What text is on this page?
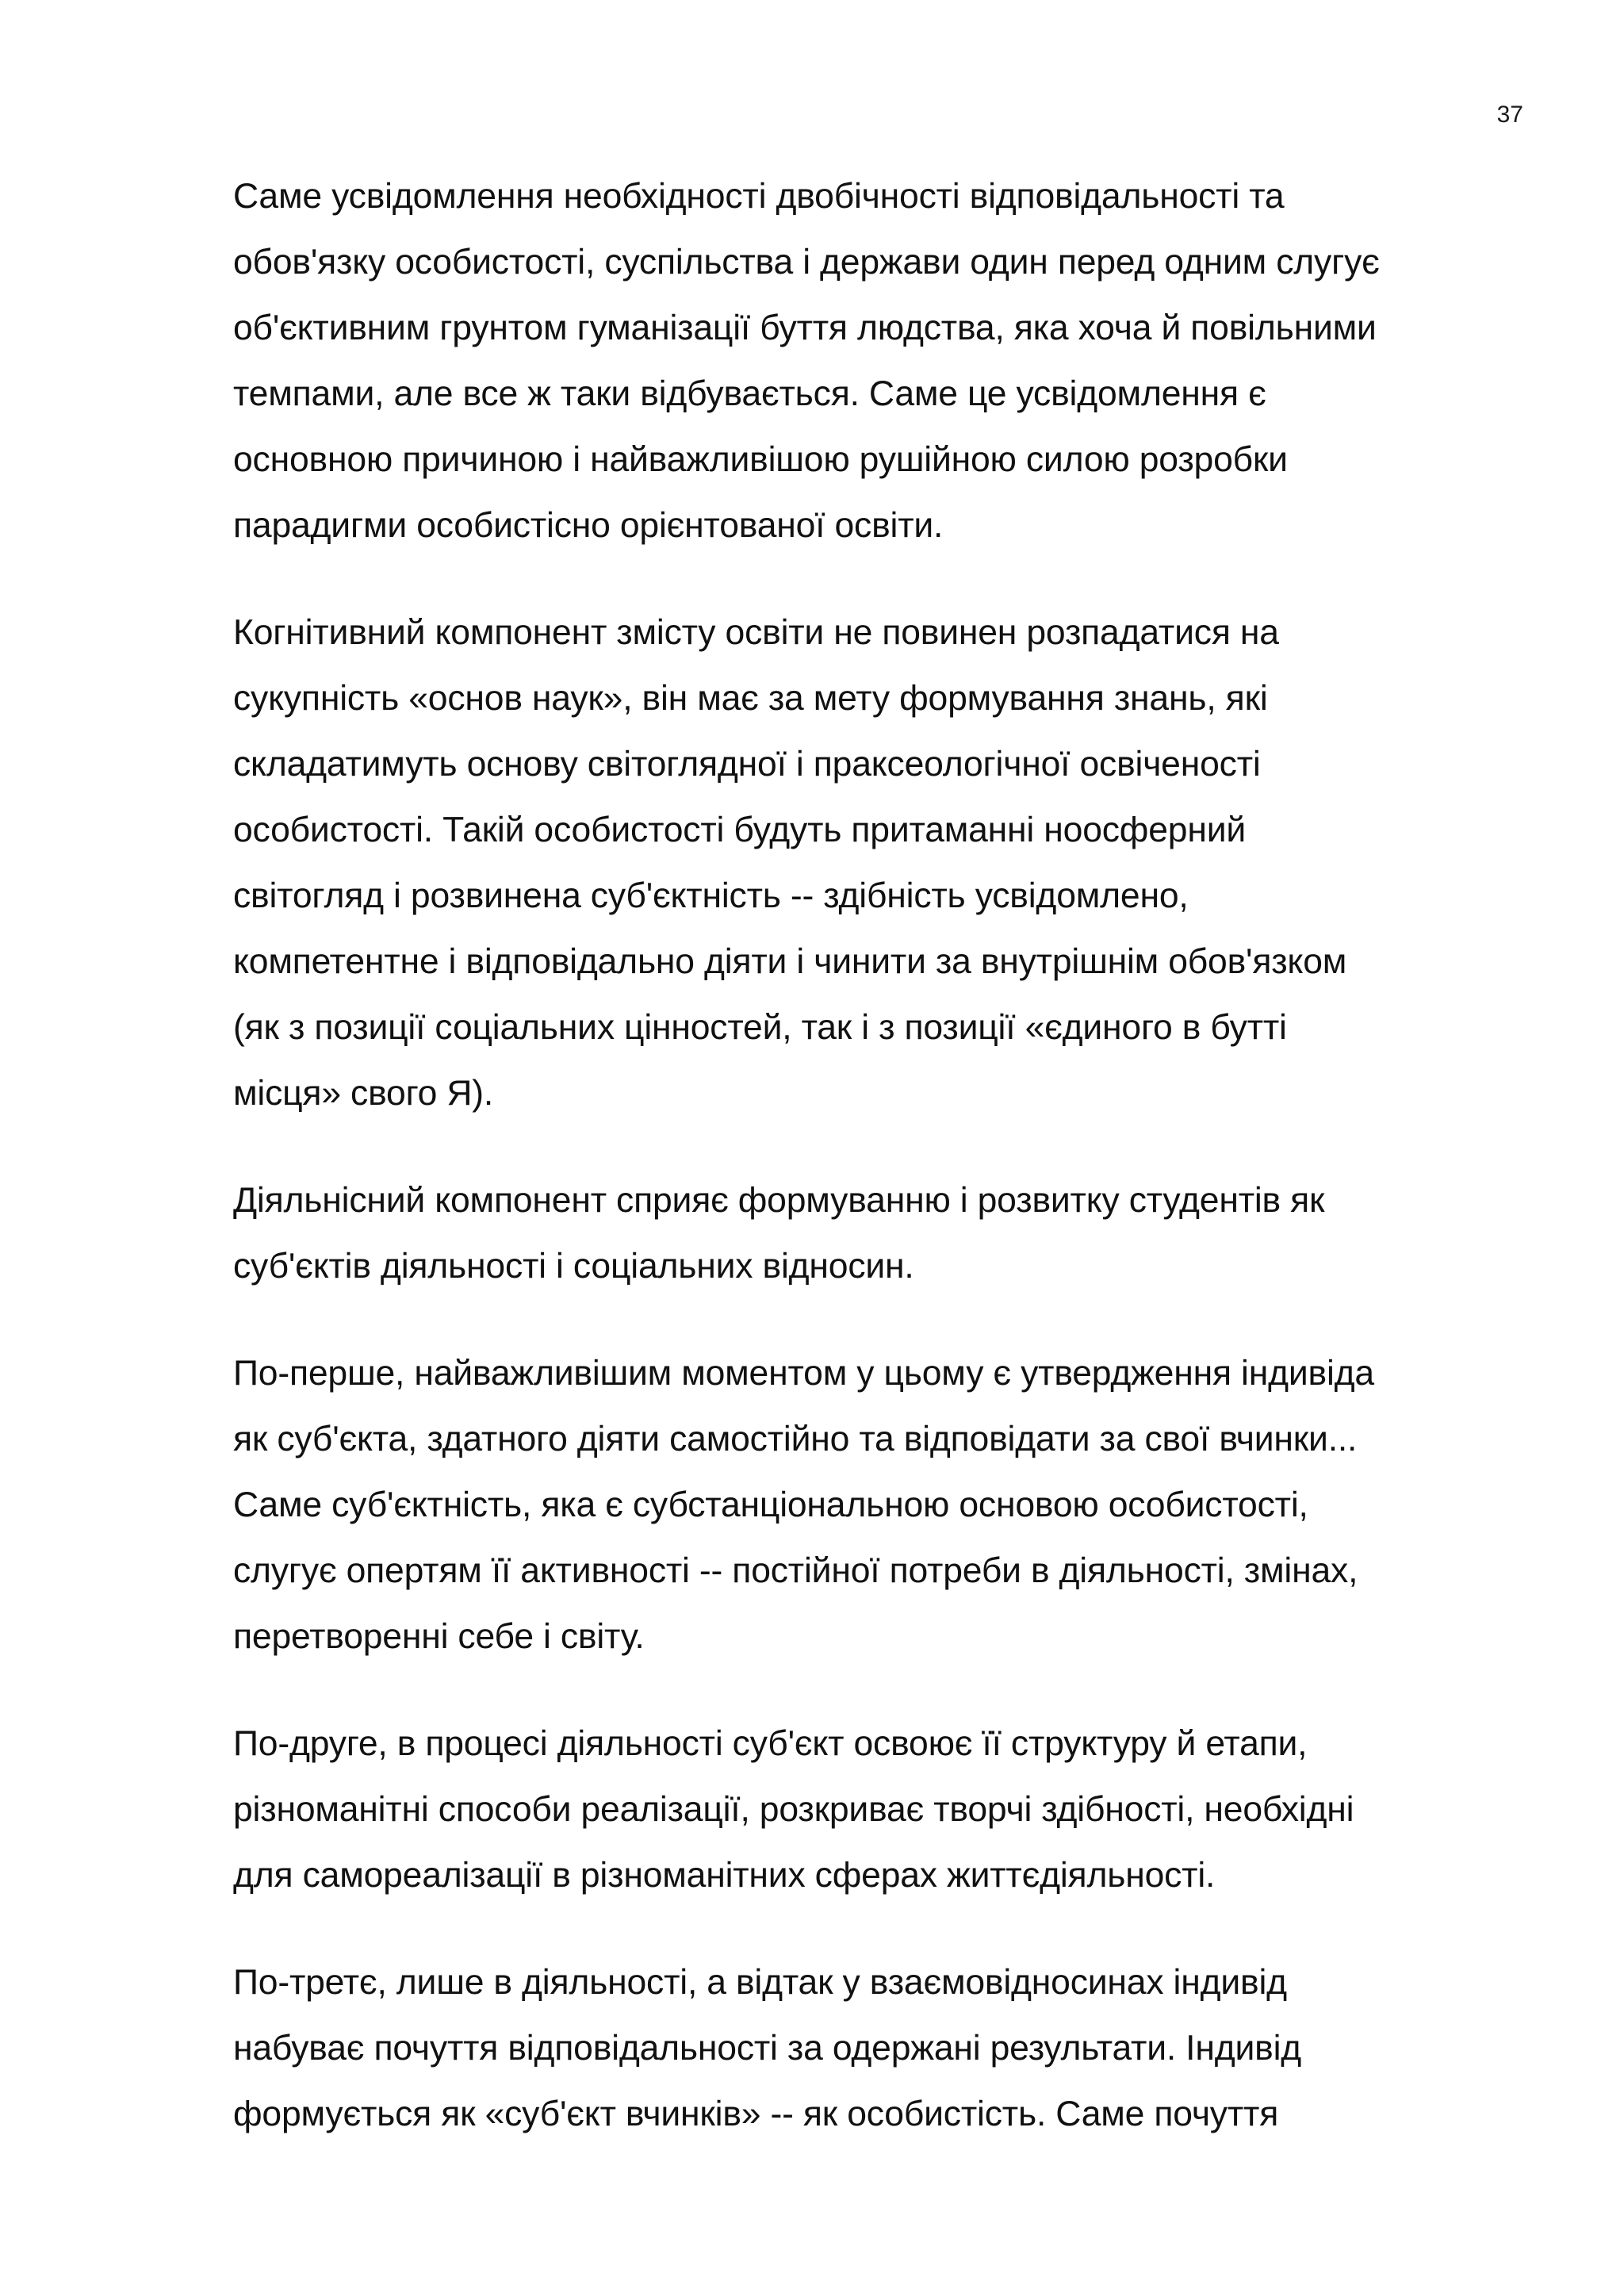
37

Саме усвідомлення необхідності двобічності відповідальності та
обов'язку особистості, суспільства і держави один перед одним слугує
об'єктивним грунтом гуманізації буття людства, яка хоча й повільними
темпами, але все ж таки відбувається. Саме це усвідомлення є
основною причиною і найважливішою рушійною силою розробки
парадигми особистісно орієнтованої освіти.

Когнітивний компонент змісту освіти не повинен розпадатися на
сукупність «основ наук», він має за мету формування знань, які
складатимуть основу світоглядної і праксеологічної освіченості
особистості. Такій особистості будуть притаманні ноосферний
світогляд і розвинена суб'єктність -- здібність усвідомлено,
компетентне і відповідально діяти і чинити за внутрішнім обов'язком
(як з позиції соціальних цінностей, так і з позиції «єдиного в бутті
місця» свого Я).

Діяльнісний компонент сприяє формуванню і розвитку студентів як
суб'єктів діяльності і соціальних відносин.

По-перше, найважливішим моментом у цьому є утвердження індивіда
як суб'єкта, здатного діяти самостійно та відповідати за свої вчинки...
Саме суб'єктність, яка є субстанціональною основою особистості,
слугує опертям її активності -- постійної потреби в діяльності, змінах,
перетворенні себе і світу.

По-друге, в процесі діяльності суб'єкт освоює її структуру й етапи,
різноманітні способи реалізації, розкриває творчі здібності, необхідні
для самореалізації в різноманітних сферах життєдіяльності.

По-третє, лише в діяльності, а відтак у взаємовідносинах індивід
набуває почуття відповідальності за одержані результати. Індивід
формується як «суб'єкт вчинків» -- як особистість. Саме почуття
